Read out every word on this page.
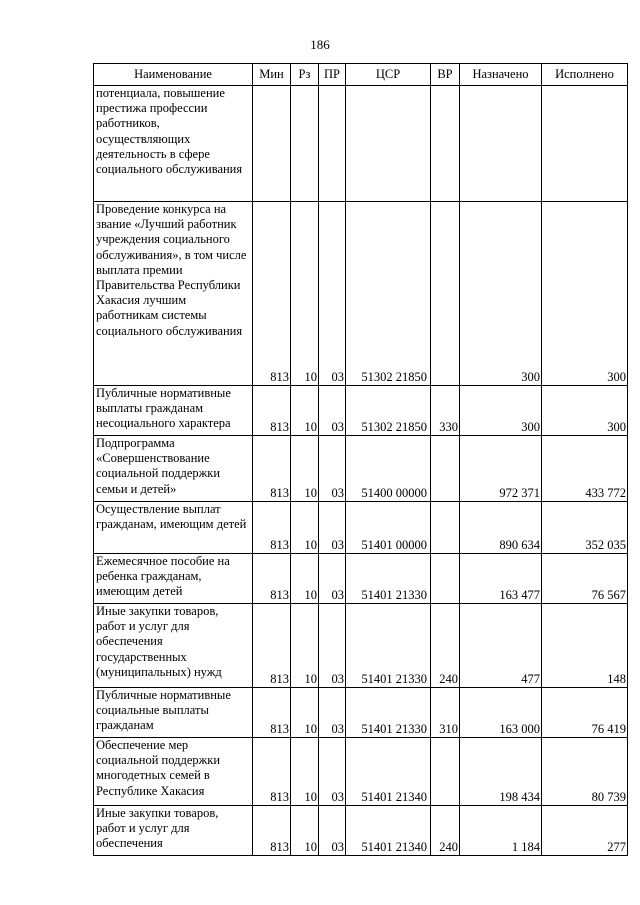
186
Наименование	Мин	Рз	ПР	ЦСР	ВР	Назначено	Исполнено
потенциала, повышение престижа профессии работников, осуществляющих деятельность в сфере социального обслуживания							
Проведение конкурса на звание «Лучший работник учреждения социального обслуживания», в том числе выплата премии Правительства Республики Хакасия лучшим работникам системы социального обслуживания	813	10	03	51302 21850		300	300
Публичные нормативные выплаты гражданам несоциального характера	813	10	03	51302 21850	330	300	300
Подпрограмма «Совершенствование социальной поддержки семьи и детей»	813	10	03	51400 00000		972 371	433 772
Осуществление выплат гражданам, имеющим детей	813	10	03	51401 00000		890 634	352 035
Ежемесячное пособие на ребенка гражданам, имеющим детей	813	10	03	51401 21330		163 477	76 567
Иные закупки товаров, работ и услуг для обеспечения государственных (муниципальных) нужд	813	10	03	51401 21330	240	477	148
Публичные нормативные социальные выплаты гражданам	813	10	03	51401 21330	310	163 000	76 419
Обеспечение мер социальной поддержки многодетных семей в Республике Хакасия	813	10	03	51401 21340		198 434	80 739
Иные закупки товаров, работ и услуг для обеспечения	813	10	03	51401 21340	240	1 184	277
